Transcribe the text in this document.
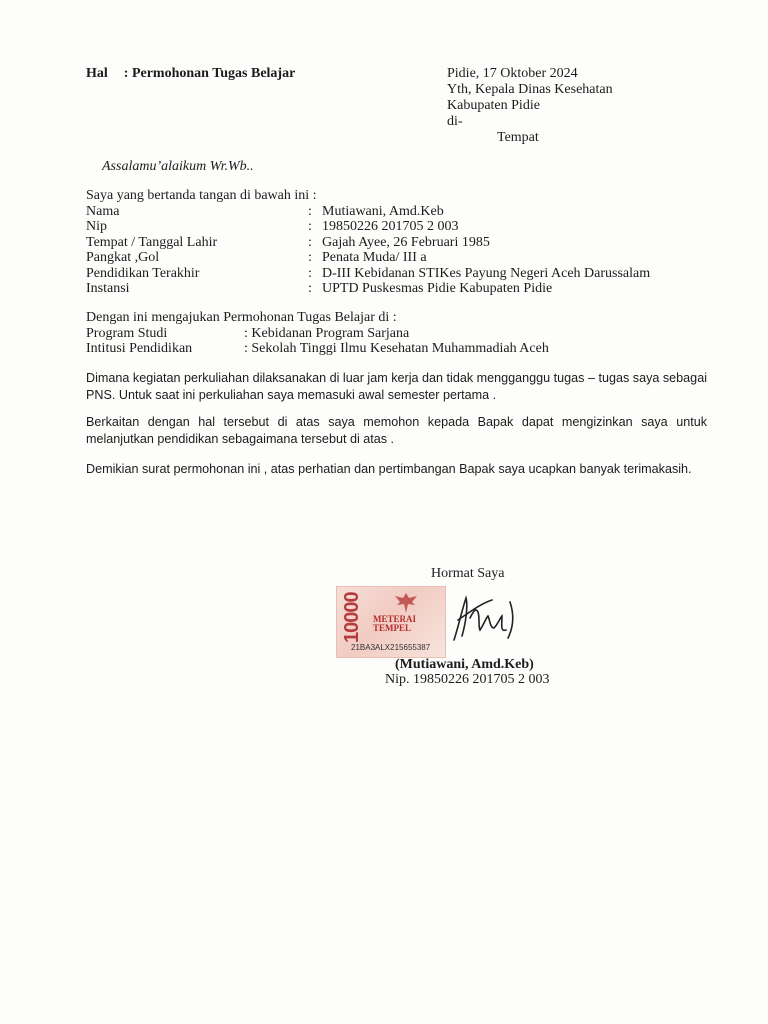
Hal : Permohonan Tugas Belajar	Pidie, 17 Oktober 2024
Yth, Kepala Dinas Kesehatan
Kabupaten Pidie
di-
Tempat
Assalamu’alaikum Wr.Wb..
Saya yang bertanda tangan di bawah ini :
Nama	: Mutiawani, Amd.Keb
Nip	: 19850226 201705 2 003
Tempat / Tanggal Lahir	: Gajah Ayee, 26 Februari 1985
Pangkat ,Gol	: Penata Muda/ III a
Pendidikan Terakhir	: D-III Kebidanan STIKes Payung Negeri Aceh Darussalam
Instansi	: UPTD Puskesmas Pidie Kabupaten Pidie
Dengan ini mengajukan Permohonan Tugas Belajar di :
Program Studi	: Kebidanan Program Sarjana
Intitusi Pendidikan	: Sekolah Tinggi Ilmu Kesehatan Muhammadiah Aceh
Dimana kegiatan perkuliahan dilaksanakan di luar jam kerja dan tidak mengganggu tugas – tugas saya sebagai PNS. Untuk saat ini perkuliahan saya memasuki awal semester pertama .
Berkaitan dengan hal tersebut di atas saya memohon kepada Bapak dapat mengizinkan saya untuk melanjutkan pendidikan sebagaimana tersebut di atas .
Demikian surat permohonan ini , atas perhatian dan pertimbangan Bapak saya ucapkan banyak terimakasih.
Hormat Saya
10000	METERAI
TEMPEL
21BA3ALX215655387
(Mutiawani, Amd.Keb)
Nip. 19850226 201705 2 003
